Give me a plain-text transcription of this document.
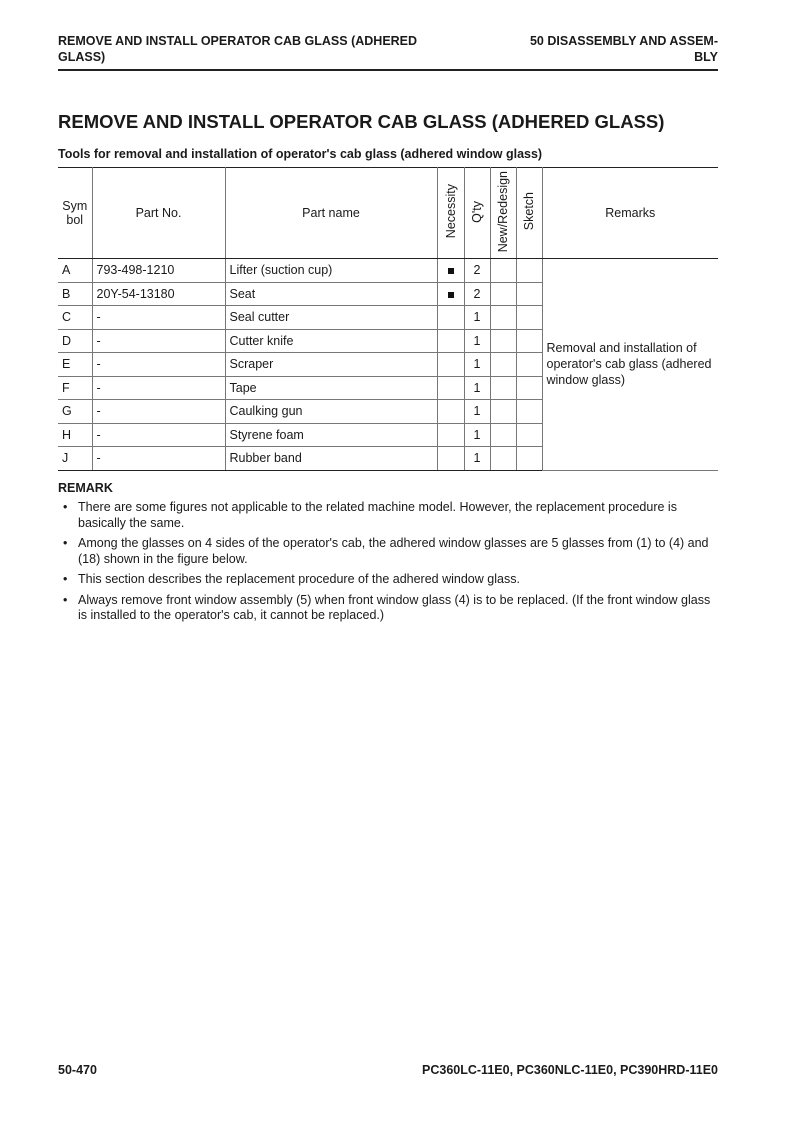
REMOVE AND INSTALL OPERATOR CAB GLASS (ADHERED
GLASS)
50 DISASSEMBLY AND ASSEM-
BLY
REMOVE AND INSTALL OPERATOR CAB GLASS (ADHERED GLASS)
Tools for removal and installation of operator's cab glass (adhered window glass)
Sym
bol	Part No.	Part name	Necessity	Q'ty	New/Redesign	Sketch	Remarks
A	793-498-1210	Lifter (suction cup)		2			Removal and installation of operator's cab glass (adhered window glass)
B	20Y-54-13180	Seat		2			
C	-	Seal cutter		1			
D	-	Cutter knife		1			
E	-	Scraper		1			
F	-	Tape		1			
G	-	Caulking gun		1			
H	-	Styrene foam		1			
J	-	Rubber band		1			
REMARK
• There are some figures not applicable to the related machine model. However, the replacement procedure is basically the same.
• Among the glasses on 4 sides of the operator's cab, the adhered window glasses are 5 glasses from (1) to (4) and (18) shown in the figure below.
• This section describes the replacement procedure of the adhered window glass.
• Always remove front window assembly (5) when front window glass (4) is to be replaced. (If the front window glass is installed to the operator's cab, it cannot be replaced.)
50-470	PC360LC-11E0, PC360NLC-11E0, PC390HRD-11E0
